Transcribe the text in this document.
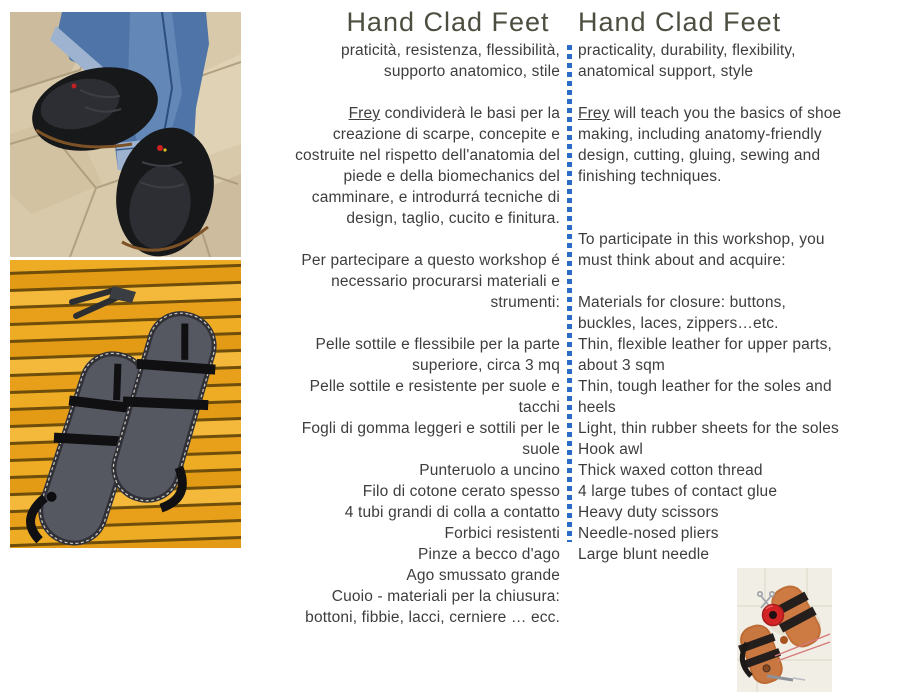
Hand Clad Feet
praticità, resistenza, flessibilità,
supporto anatomico, stile
Frey condividerà le basi per la
creazione di scarpe, concepite e
costruite nel rispetto dell'anatomia del
piede e della biomechanics del
camminare, e introdurrá tecniche di
design, taglio, cucito e finitura.
Per partecipare a questo workshop é
necessario procurarsi materiali e
strumenti:
Pelle sottile e flessibile per la parte
superiore, circa 3 mq
Pelle sottile e resistente per suole e
tacchi
Fogli di gomma leggeri e sottili per le
suole
Punteruolo a uncino
Filo di cotone cerato spesso
4 tubi grandi di colla a contatto
Forbici resistenti
Pinze a becco d'ago
Ago smussato grande
Cuoio - materiali per la chiusura:
bottoni, fibbie, lacci, cerniere … ecc.
Hand Clad Feet
practicality, durability, flexibility,
anatomical support, style
Frey will teach you the basics of shoe
making, including anatomy-friendly
design, cutting, gluing, sewing and
finishing techniques.
To participate in this workshop, you
must think about and acquire:
Materials for closure: buttons,
buckles, laces, zippers…etc.
Thin, flexible leather for upper parts,
about 3 sqm
Thin, tough leather for the soles and
heels
Light, thin rubber sheets for the soles
Hook awl
Thick waxed cotton thread
4 large tubes of contact glue
Heavy duty scissors
Needle-nosed pliers
Large blunt needle
